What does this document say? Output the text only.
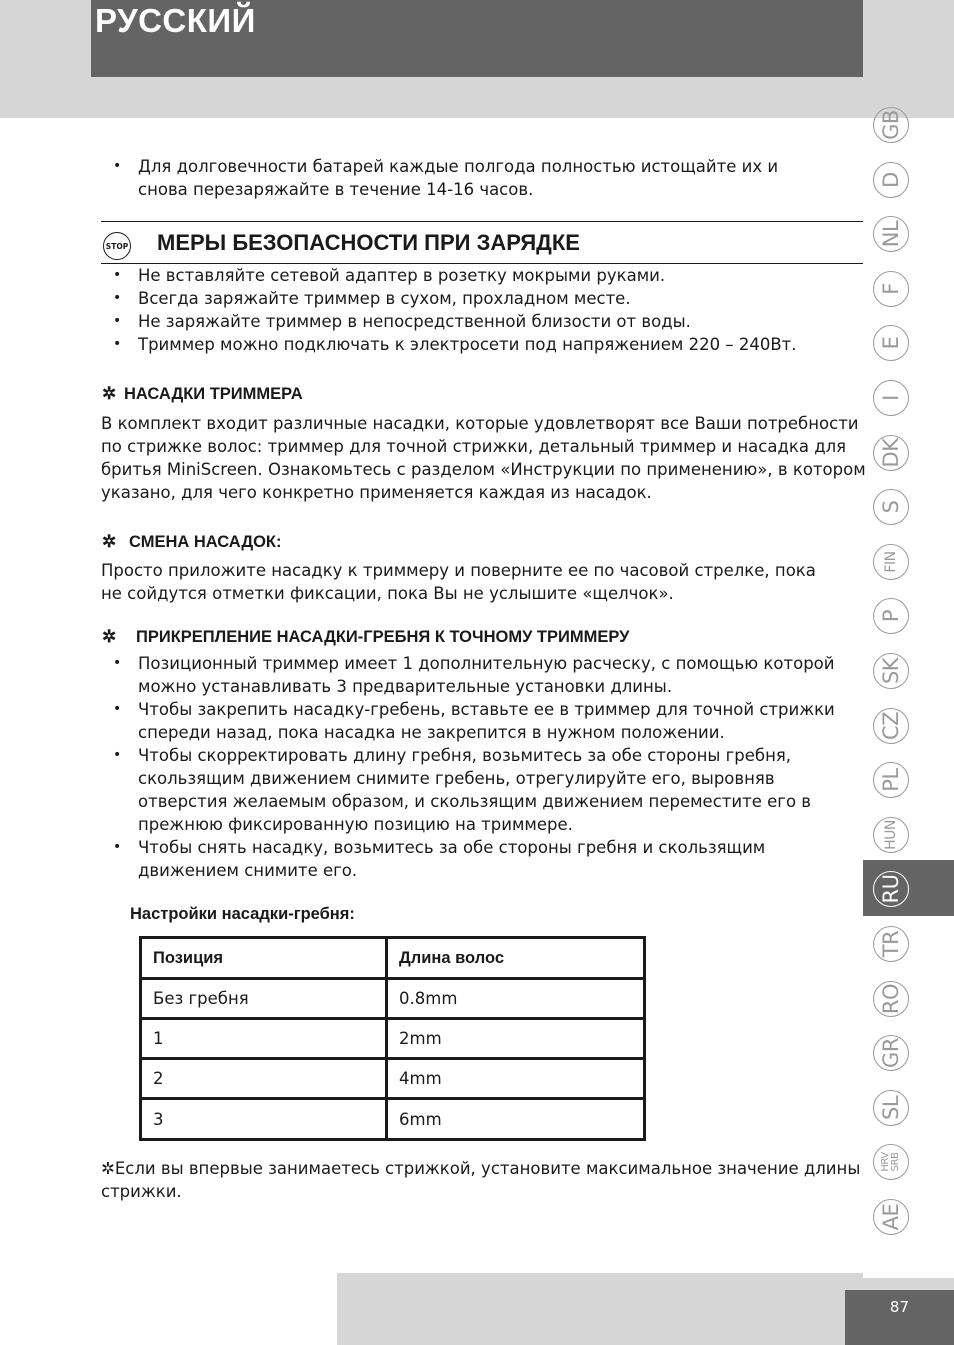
РУССКИЙ
GB
D
NL
F
E
I
DK
S
FIN
P
SK
CZ
PL
HUN
RU
TR
RO
GR
SL
HRV
SRB
AE
87
• Для долговечности батарей каждые полгода полностью истощайте их и снова перезаряжайте в течение 14-16 часов.
STOP МЕРЫ БЕЗОПАСНОСТИ ПРИ ЗАРЯДКЕ
• Не вставляйте сетевой адаптер в розетку мокрыми руками.
• Всегда заряжайте триммер в сухом, прохладном месте.
• Не заряжайте триммер в непосредственной близости от воды.
• Триммер можно подключать к электросети под напряжением 220 – 240Вт.
✲ НАСАДКИ ТРИММЕРА
В комплект входит различные насадки, которые удовлетворят все Ваши потребности по стрижке волос: триммер для точной стрижки, детальный триммер и насадка для бритья MiniScreen. Ознакомьтесь с разделом «Инструкции по применению», в котором указано, для чего конкретно применяется каждая из насадок.
✲ СМЕНА НАСАДОК:
Просто приложите насадку к триммеру и поверните ее по часовой стрелке, пока не сойдутся отметки фиксации, пока Вы не услышите «щелчок».
✲ ПРИКРЕПЛЕНИЕ НАСАДКИ-ГРЕБНЯ К ТОЧНОМУ ТРИММЕРУ
• Позиционный триммер имеет 1 дополнительную расческу, с помощью которой можно устанавливать 3 предварительные установки длины.
• Чтобы закрепить насадку-гребень, вставьте ее в триммер для точной стрижки спереди назад, пока насадка не закрепится в нужном положении.
• Чтобы скорректировать длину гребня, возьмитесь за обе стороны гребня, скользящим движением снимите гребень, отрегулируйте его, выровняв отверстия желаемым образом, и скользящим движением переместите его в прежнюю фиксированную позицию на триммере.
• Чтобы снять насадку, возьмитесь за обе стороны гребня и скользящим движением снимите его.
Настройки насадки-гребня:
Позиция	Длина волос
Без гребня	0.8mm
1	2mm
2	4mm
3	6mm
✲Если вы впервые занимаетесь стрижкой, установите максимальное значение длины стрижки.
